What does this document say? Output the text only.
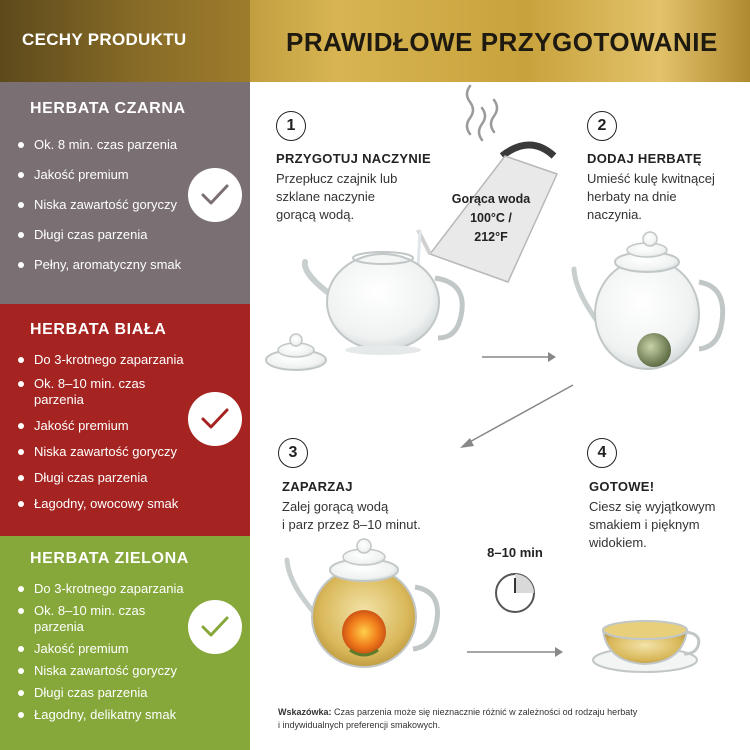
CECHY PRODUKTU	PRAWIDŁOWE PRZYGOTOWANIE
HERBATA CZARNA
Ok. 8 min. czas parzenia
Jakość premium
Niska zawartość goryczy
Długi czas parzenia
Pełny, aromatyczny smak
HERBATA BIAŁA
Do 3-krotnego zaparzania
Ok. 8–10 min. czas parzenia
Jakość premium
Niska zawartość goryczy
Długi czas parzenia
Łagodny, owocowy smak
HERBATA ZIELONA
Do 3-krotnego zaparzania
Ok. 8–10 min. czas parzenia
Jakość premium
Niska zawartość goryczy
Długi czas parzenia
Łagodny, delikatny smak
1
PRZYGOTUJ NACZYNIE
Przepłucz czajnik lub
szklane naczynie
gorącą wodą.
2
DODAJ HERBATĘ
Umieść kulę kwitnącej
herbaty na dnie
naczynia.
3
ZAPARZAJ
Zalej gorącą wodą
i parz przez 8–10 minut.
4
GOTOWE!
Ciesz się wyjątkowym
smakiem i pięknym
widokiem.
Gorąca woda
100°C /
212°F
8–10 min
Wskazówka: Czas parzenia może się nieznacznie różnić w zależności od rodzaju herbaty
i indywidualnych preferencji smakowych.
